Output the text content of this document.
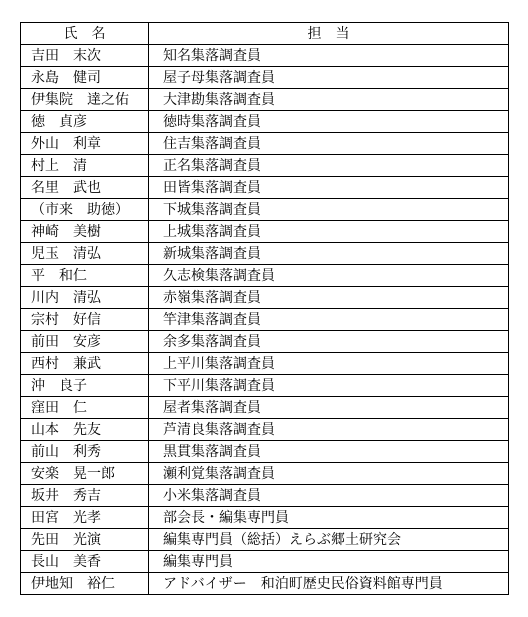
氏　名	担　当
吉田　末次	知名集落調査員
永島　健司	屋子母集落調査員
伊集院　達之佑	大津勘集落調査員
徳　貞彦	徳時集落調査員
外山　利章	住吉集落調査員
村上　清	正名集落調査員
名里　武也	田皆集落調査員
（市来　助徳）	下城集落調査員
神崎　美樹	上城集落調査員
児玉　清弘	新城集落調査員
平　和仁	久志検集落調査員
川内　清弘	赤嶺集落調査員
宗村　好信	竿津集落調査員
前田　安彦	余多集落調査員
西村　兼武	上平川集落調査員
沖　良子	下平川集落調査員
窪田　仁	屋者集落調査員
山本　先友	芦清良集落調査員
前山　利秀	黒貫集落調査員
安楽　晃一郎	瀬利覚集落調査員
坂井　秀吉	小米集落調査員
田宮　光孝	部会長・編集専門員
先田　光演	編集専門員（総括）えらぶ郷土研究会
長山　美香	編集専門員
伊地知　裕仁	アドバイザー　和泊町歴史民俗資料館専門員
